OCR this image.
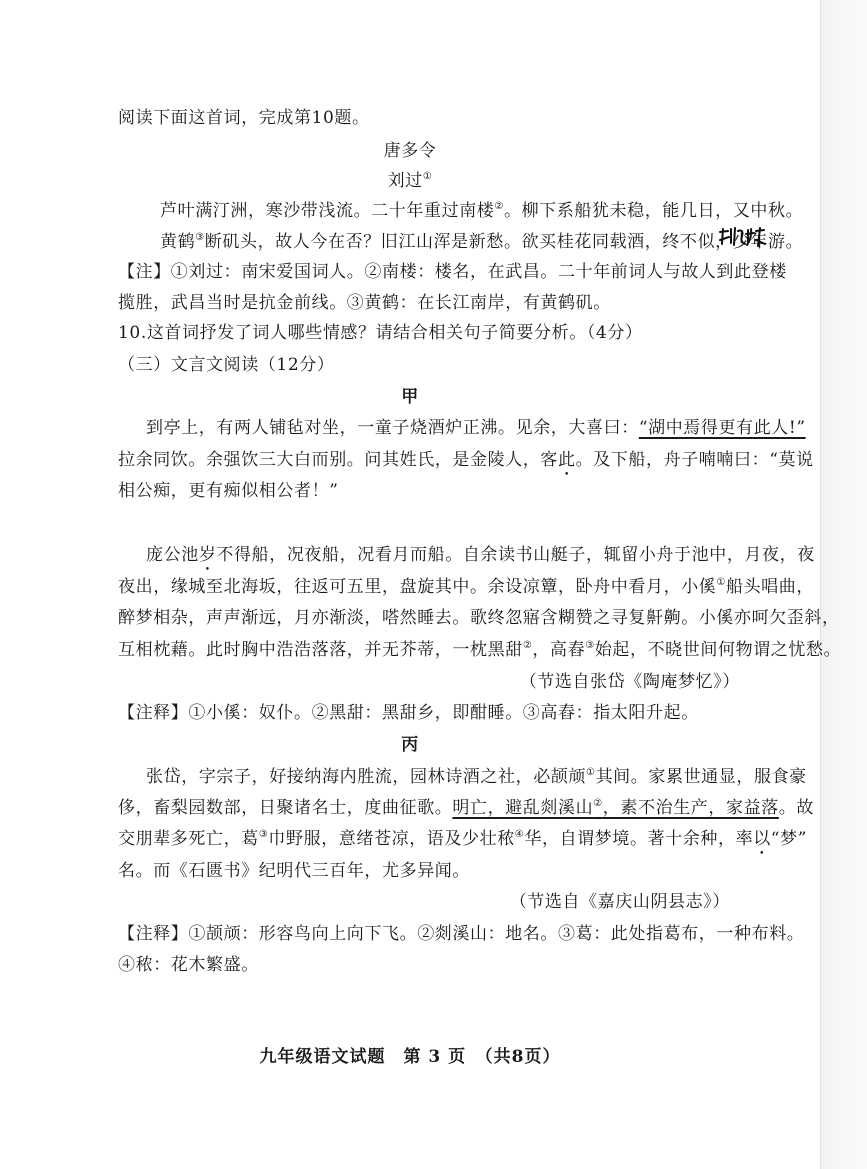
阅读下面这首词，完成第10题。
唐多令
刘过①
芦叶满汀洲，寒沙带浅流。二十年重过南楼②。柳下系船犹未稳，能几日，又中秋。
黄鹤③断矶头，故人今在否？旧江山浑是新愁。欲买桂花同载酒，终不似，少年游。
【注】①刘过：南宋爱国词人。②南楼：楼名，在武昌。二十年前词人与故人到此登楼
揽胜，武昌当时是抗金前线。③黄鹤：在长江南岸，有黄鹤矶。
10.这首词抒发了词人哪些情感？请结合相关句子简要分析。（4分）
（三）文言文阅读（12分）
甲
到亭上，有两人铺毡对坐，一童子烧酒炉正沸。见余，大喜曰：“湖中焉得更有此人!”
拉余同饮。余强饮三大白而别。问其姓氏，是金陵人，客此。及下船，舟子喃喃曰：“莫说
相公痴，更有痴似相公者！”
庞公池岁不得船，况夜船，况看月而船。自余读书山艇子，辄留小舟于池中，月夜，夜
夜出，缘城至北海坂，往返可五里，盘旋其中。余设凉簟，卧舟中看月，小傒①船头唱曲，
醉梦相杂，声声渐远，月亦渐淡，嗒然睡去。歌终忽寤含糊赞之寻复鼾齁。小傒亦呵欠歪斜，
互相枕藉。此时胸中浩浩落落，并无芥蒂，一枕黑甜②，高舂③始起，不晓世间何物谓之忧愁。
（节选自张岱《陶庵梦忆》）
【注释】①小傒：奴仆。②黑甜：黑甜乡，即酣睡。③高舂：指太阳升起。
丙
张岱，字宗子，好接纳海内胜流，园林诗酒之社，必颉颃①其间。家累世通显，服食豪
侈，畜梨园数部，日聚诸名士，度曲征歌。明亡，避乱剡溪山②，素不治生产，家益落。故
交朋辈多死亡，葛③巾野服，意绪苍凉，语及少壮秾④华，自谓梦境。著十余种，率以“梦”
名。而《石匮书》纪明代三百年，尤多异闻。
（节选自《嘉庆山阴县志》）
【注释】①颉颃：形容鸟向上向下飞。②剡溪山：地名。③葛：此处指葛布，一种布料。
④秾：花木繁盛。
九年级语文试题　第 3 页　（共8页）
